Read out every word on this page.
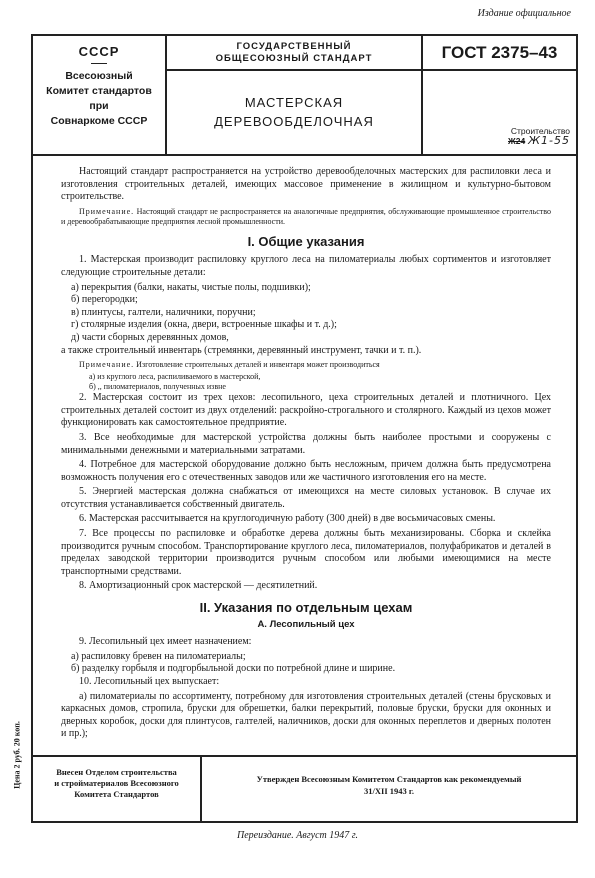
Издание официальное
Цена 2 руб. 20 коп.
СССР
Всесоюзный
Комитет стандартов
при
Совнаркоме СССР
ГОСУДАРСТВЕННЫЙ
ОБЩЕСОЮЗНЫЙ СТАНДАРТ
МАСТЕРСКАЯ
ДЕРЕВООБДЕЛОЧНАЯ
ГОСТ 2375–43
Строительство
Ж24 Ж1-55

Настоящий стандарт распространяется на устройство деревообделочных мастерских для распиловки леса и изготовления строительных деталей, имеющих массовое применение в жилищном и культурно-бытовом строительстве.

Примечание. Настоящий стандарт не распространяется на аналогичные предприятия, обслуживающие промышленное строительство и деревообрабатывающие предприятия лесной промышленности.

I. Общие указания

1. Мастерская производит распиловку круглого леса на пиломатериалы любых сортиментов и изготовляет следующие строительные детали:

а) перекрытия (балки, накаты, чистые полы, подшивки);
б) перегородки;
в) плинтусы, галтели, наличники, поручни;
г) столярные изделия (окна, двери, встроенные шкафы и т. д.);
д) части сборных деревянных домов,
а также строительный инвентарь (стремянки, деревянный инструмент, тачки и т. п.).

Примечание. Изготовление строительных деталей и инвентаря может производиться

а) из круглого леса, распиливаемого в мастерской,
б) ,, пиломатериалов, полученных извне

2. Мастерская состоит из трех цехов: лесопильного, цеха строительных деталей и плотничного. Цех строительных деталей состоит из двух отделений: раскройно-строгального и столярного. Каждый из цехов может функционировать как самостоятельное предприятие.

3. Все необходимые для мастерской устройства должны быть наиболее простыми и сооружены с минимальными денежными и материальными затратами.

4. Потребное для мастерской оборудование должно быть несложным, причем должна быть предусмотрена возможность получения его с отечественных заводов или же частичного изготовления его на месте.

5. Энергией мастерская должна снабжаться от имеющихся на месте силовых установок. В случае их отсутствия устанавливается собственный двигатель.

6. Мастерская рассчитывается на круглогодичную работу (300 дней) в две восьмичасовых смены.

7. Все процессы по распиловке и обработке дерева должны быть механизированы. Сборка и склейка производится ручным способом. Транспортирование круглого леса, пиломатериалов, полуфабрикатов и деталей в пределах заводской территории производится ручным способом или любыми имеющимися на месте транспортными средствами.

8. Амортизационный срок мастерской — десятилетний.

II. Указания по отдельным цехам
А. Лесопильный цех

9. Лесопильный цех имеет назначением:

а) распиловку бревен на пиломатериалы;
б) разделку горбыля и подгорбыльной доски по потребной длине и ширине.

10. Лесопильный цех выпускает:

а) пиломатериалы по ассортименту, потребному для изготовления строительных деталей (стены брусковых и каркасных домов, стропила, бруски для обрешетки, балки перекрытий, половые бруски, бруски для оконных и дверных коробок, доски для плинтусов, галтелей, наличников, доски для оконных переплетов и дверных полотен и пр.);

Внесен Отделом строительства
и стройматериалов Всесоюзного
Комитета Стандартов
Утвержден Всесоюзным Комитетом Стандартов как рекомендуемый
31/XII 1943 г.
Переиздание. Август 1947 г.
